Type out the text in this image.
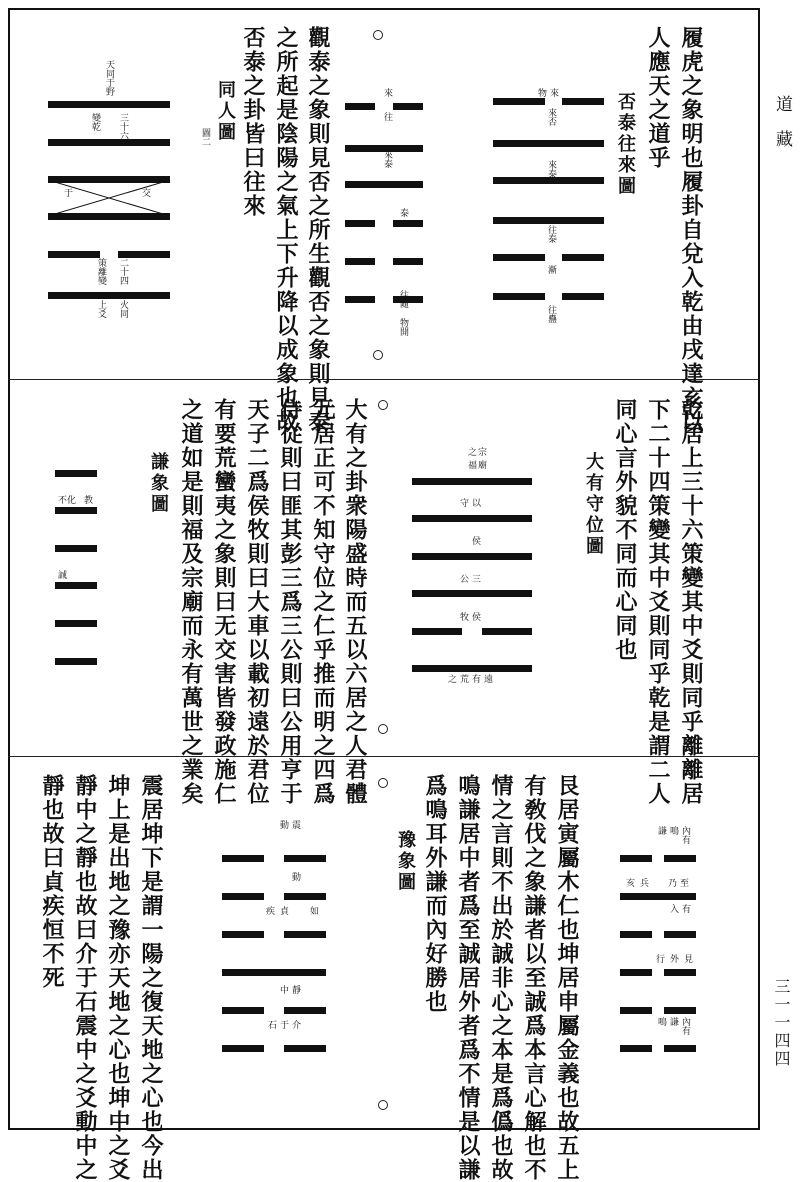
道藏
三一一四四
履虎之象明也履卦自兌入乾由戌達亥以
人應天之道乎
否泰往來圖
來
物
來否
來泰
往泰
漸
往蠱
來
往
來泰
泰
往隨
物開
觀泰之象則見否之所生觀否之象則見泰
之所起是陰陽之氣上下升降以成象也故
否泰之卦皆曰往來
同人圖
圖二
天同于野
三十六
變乾
二十四
策離變
火同
上爻
于	交
乾居上三十六策變其中爻則同乎離離居
下二十四策變其中爻則同乎乾是謂二人
同心言外貌不同而心同也
大有守位圖
宗
之
福 廟
以
守
侯
公 三
牧 侯
遠
有
荒
之
大有之卦衆陽盛時而五以六居之人君體
元居正可不知守位之仁乎推而明之四爲
侍從則曰匪其彭三爲三公則曰公用亨于
天子二爲侯牧則曰大車以載初遠於君位
有要荒蠻夷之象則曰无交害皆發政施仁
之道如是則福及宗廟而永有萬世之業矣
謙象圖
不化 教
誠
艮居寅屬木仁也坤居申屬金義也故五上
有敎伐之象謙者以至誠爲本言心解也不
情之言則不出於誠非心之本是爲僞也故
鳴謙居中者爲至誠居外者爲不情是以謙
爲鳴耳外謙而內好勝也
豫象圖	內有
鳴
謙
亥 兵 乃 至
有
入
行 外 見
內有
謙
鳴
震
動
動
如
貞
疾
靜
中
介
于
石
震居坤下是謂一陽之復天地之心也今出
坤上是出地之豫亦天地之心也坤中之爻
靜中之靜也故曰介于石震中之爻動中之
靜也故曰貞疾恒不死
